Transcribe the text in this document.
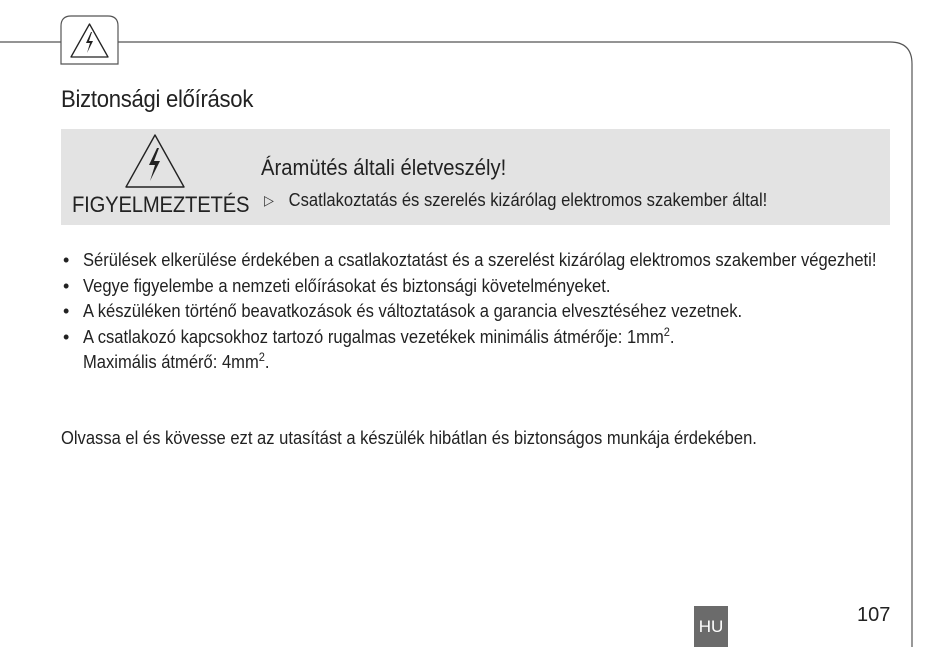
Biztonsági előírások
FIGYELMEZTETÉS
Áramütés általi életveszély!
▷ Csatlakoztatás és szerelés kizárólag elektromos szakember által!
• Sérülések elkerülése érdekében a csatlakoztatást és a szerelést kizárólag elektromos szakember végezheti!
• Vegye figyelembe a nemzeti előírásokat és biztonsági követelményeket.
• A készüléken történő beavatkozások és változtatások a garancia elvesztéséhez vezetnek.
• A csatlakozó kapcsokhoz tartozó rugalmas vezetékek minimális átmérője: $1mm^2$.
Maximális átmérő: $4mm^2$.
Olvassa el és kövesse ezt az utasítást a készülék hibátlan és biztonságos munkája érdekében.
HU	107
